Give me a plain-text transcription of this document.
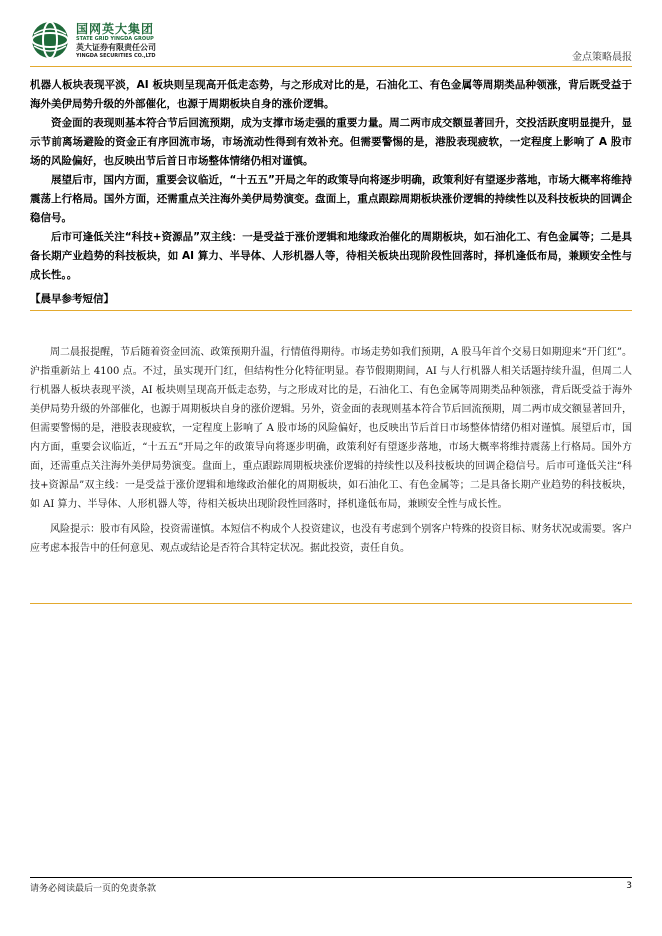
国网英大集团
STATE GRID YINGDA GROUP
英大证券有限责任公司
YINGDA SECURITIES CO.,LTD	金点策略晨报

机器人板块表现平淡，AI 板块则呈现高开低走态势，与之形成对比的是，石油化工、有色金属等周期类品种领涨，背后既受益于海外美伊局势升级的外部催化，也源于周期板块自身的涨价逻辑。

资金面的表现则基本符合节后回流预期，成为支撑市场走强的重要力量。周二两市成交额显著回升，交投活跃度明显提升，显示节前离场避险的资金正有序回流市场，市场流动性得到有效补充。但需要警惕的是，港股表现疲软，一定程度上影响了 A 股市场的风险偏好，也反映出节后首日市场整体情绪仍相对谨慎。

展望后市，国内方面，重要会议临近，“十五五”开局之年的政策导向将逐步明确，政策利好有望逐步落地，市场大概率将维持震荡上行格局。国外方面，还需重点关注海外美伊局势演变。盘面上，重点跟踪周期板块涨价逻辑的持续性以及科技板块的回调企稳信号。

后市可逢低关注“科技+资源品”双主线：一是受益于涨价逻辑和地缘政治催化的周期板块，如石油化工、有色金属等；二是具备长期产业趋势的科技板块，如 AI 算力、半导体、人形机器人等，待相关板块出现阶段性回落时，择机逢低布局，兼顾安全性与成长性。。

【晨早参考短信】

周二晨报提醒，节后随着资金回流、政策预期升温，行情值得期待。市场走势如我们预期，A 股马年首个交易日如期迎来“开门红”。沪指重新站上 4100 点。不过，虽实现开门红，但结构性分化特征明显。春节假期期间，AI 与人行机器人相关话题持续升温，但周二人行机器人板块表现平淡，AI 板块则呈现高开低走态势，与之形成对比的是，石油化工、有色金属等周期类品种领涨，背后既受益于海外美伊局势升级的外部催化，也源于周期板块自身的涨价逻辑。另外，资金面的表现则基本符合节后回流预期，周二两市成交额显著回升，但需要警惕的是，港股表现疲软，一定程度上影响了 A 股市场的风险偏好，也反映出节后首日市场整体情绪仍相对谨慎。展望后市，国内方面，重要会议临近，“十五五”开局之年的政策导向将逐步明确，政策利好有望逐步落地，市场大概率将维持震荡上行格局。国外方面，还需重点关注海外美伊局势演变。盘面上，重点跟踪周期板块涨价逻辑的持续性以及科技板块的回调企稳信号。后市可逢低关注“科技+资源品”双主线：一是受益于涨价逻辑和地缘政治催化的周期板块，如石油化工、有色金属等；二是具备长期产业趋势的科技板块，如 AI 算力、半导体、人形机器人等，待相关板块出现阶段性回落时，择机逢低布局，兼顾安全性与成长性。

风险提示：股市有风险，投资需谨慎。本短信不构成个人投资建议，也没有考虑到个别客户特殊的投资目标、财务状况或需要。客户应考虑本报告中的任何意见、观点或结论是否符合其特定状况。据此投资，责任自负。

请务必阅读最后一页的免责条款	3
